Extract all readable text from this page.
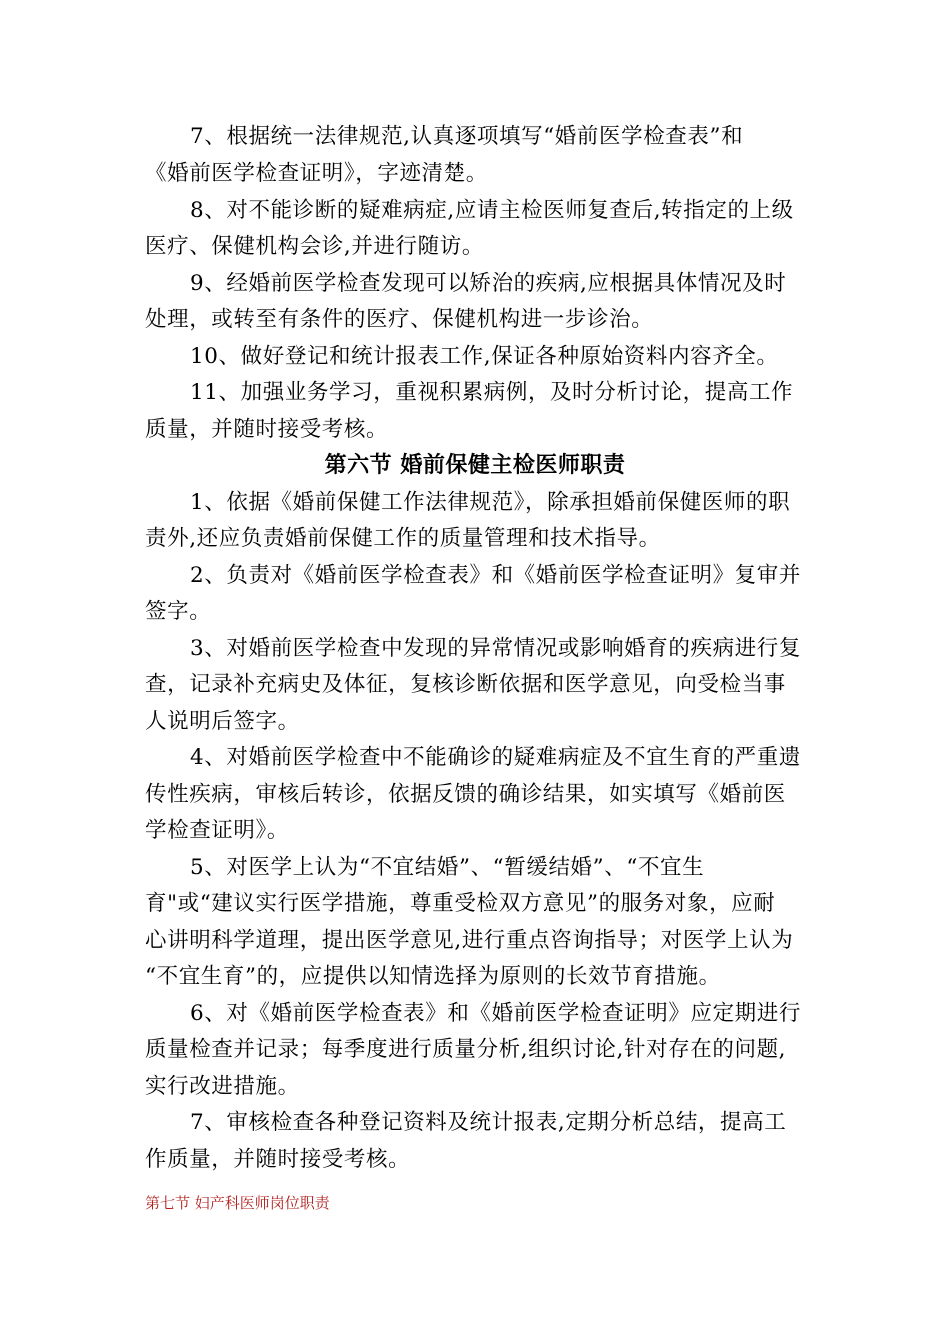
7、根据统一法律规范,认真逐项填写“婚前医学检查表”和
《婚前医学检查证明》，字迹清楚。
8、对不能诊断的疑难病症,应请主检医师复查后,转指定的上级
医疗、保健机构会诊,并进行随访。
9、经婚前医学检查发现可以矫治的疾病,应根据具体情况及时
处理，或转至有条件的医疗、保健机构进一步诊治。
10、做好登记和统计报表工作,保证各种原始资料内容齐全。
11、加强业务学习，重视积累病例，及时分析讨论，提高工作
质量，并随时接受考核。
第六节 婚前保健主检医师职责
1、依据《婚前保健工作法律规范》，除承担婚前保健医师的职
责外,还应负责婚前保健工作的质量管理和技术指导。
2、负责对《婚前医学检查表》和《婚前医学检查证明》复审并
签字。
3、对婚前医学检查中发现的异常情况或影响婚育的疾病进行复
查，记录补充病史及体征，复核诊断依据和医学意见，向受检当事
人说明后签字。
4、对婚前医学检查中不能确诊的疑难病症及不宜生育的严重遗
传性疾病，审核后转诊，依据反馈的确诊结果，如实填写《婚前医
学检查证明》。
5、对医学上认为“不宜结婚”、“暂缓结婚”、“不宜生
育"或“建议实行医学措施，尊重受检双方意见”的服务对象，应耐
心讲明科学道理，提出医学意见,进行重点咨询指导；对医学上认为
“不宜生育”的，应提供以知情选择为原则的长效节育措施。
6、对《婚前医学检查表》和《婚前医学检查证明》应定期进行
质量检查并记录；每季度进行质量分析,组织讨论,针对存在的问题,
实行改进措施。
7、审核检查各种登记资料及统计报表,定期分析总结，提高工
作质量，并随时接受考核。
第七节 妇产科医师岗位职责
